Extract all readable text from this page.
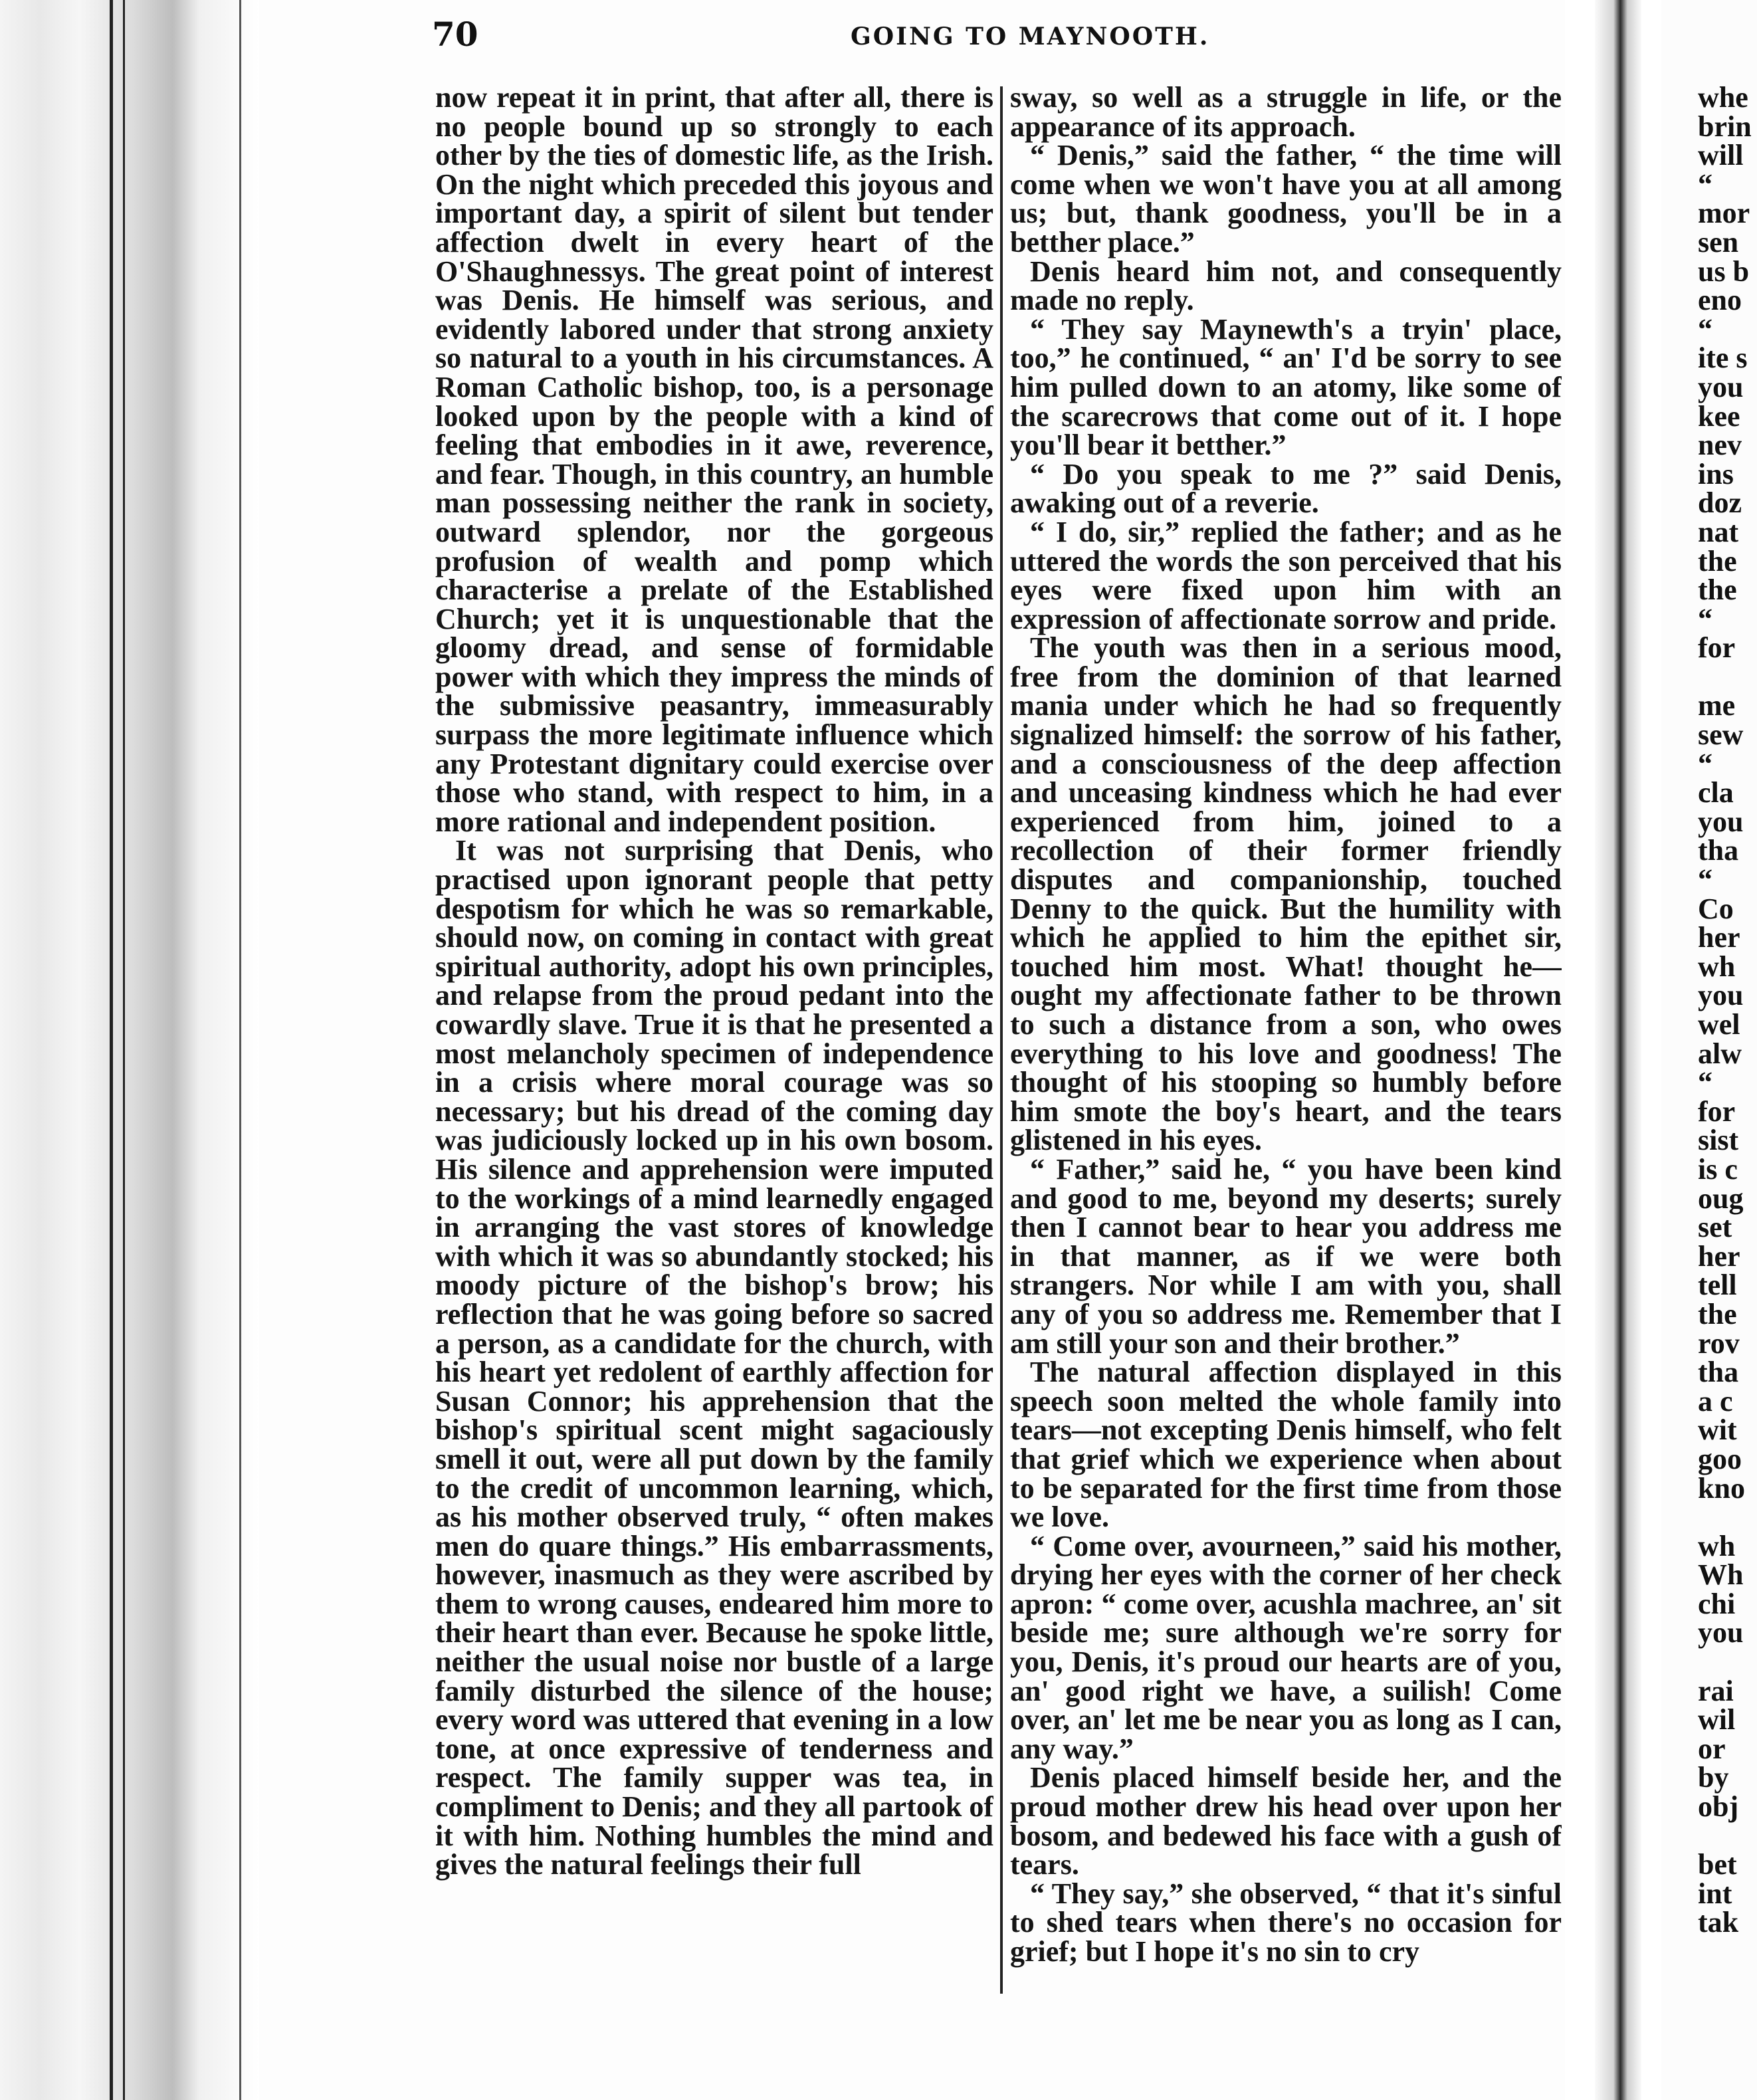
70	GOING TO MAYNOOTH.

now repeat it in print, that after all, there is no people bound up so strongly to each other by the ties of domestic life, as the Irish. On the night which preceded this joyous and important day, a spirit of silent but tender affection dwelt in every heart of the O'Shaughnessys. The great point of interest was Denis. He himself was serious, and evidently labored under that strong anxiety so natural to a youth in his circumstances. A Roman Catholic bishop, too, is a personage looked upon by the people with a kind of feeling that embodies in it awe, reverence, and fear. Though, in this country, an humble man possessing neither the rank in society, outward splendor, nor the gorgeous profusion of wealth and pomp which characterise a prelate of the Established Church; yet it is unquestionable that the gloomy dread, and sense of formidable power with which they impress the minds of the submissive peasantry, immeasurably surpass the more legitimate influence which any Protestant dignitary could exercise over those who stand, with respect to him, in a more rational and independent position.

It was not surprising that Denis, who practised upon ignorant people that petty despotism for which he was so remarkable, should now, on coming in contact with great spiritual authority, adopt his own principles, and relapse from the proud pedant into the cowardly slave. True it is that he presented a most melancholy specimen of independence in a crisis where moral courage was so necessary; but his dread of the coming day was judiciously locked up in his own bosom. His silence and apprehension were imputed to the workings of a mind learnedly engaged in arranging the vast stores of knowledge with which it was so abundantly stocked; his moody picture of the bishop's brow; his reflection that he was going before so sacred a person, as a candidate for the church, with his heart yet redolent of earthly affection for Susan Connor; his apprehension that the bishop's spiritual scent might sagaciously smell it out, were all put down by the family to the credit of uncommon learning, which, as his mother observed truly, “ often makes men do quare things.” His embarrassments, however, inasmuch as they were ascribed by them to wrong causes, endeared him more to their heart than ever. Because he spoke little, neither the usual noise nor bustle of a large family disturbed the silence of the house; every word was uttered that evening in a low tone, at once expressive of tenderness and respect. The family supper was tea, in compliment to Denis; and they all partook of it with him. Nothing humbles the mind and gives the natural feelings their full

sway, so well as a struggle in life, or the appearance of its approach.

“ Denis,” said the father, “ the time will come when we won't have you at all among us; but, thank goodness, you'll be in a betther place.”

Denis heard him not, and consequently made no reply.

“ They say Maynewth's a tryin' place, too,” he continued, “ an' I'd be sorry to see him pulled down to an atomy, like some of the scarecrows that come out of it. I hope you'll bear it betther.”

“ Do you speak to me ?” said Denis, awaking out of a reverie.

“ I do, sir,” replied the father; and as he uttered the words the son perceived that his eyes were fixed upon him with an expression of affectionate sorrow and pride.

The youth was then in a serious mood, free from the dominion of that learned mania under which he had so frequently signalized himself: the sorrow of his father, and a consciousness of the deep affection and unceasing kindness which he had ever experienced from him, joined to a recollection of their former friendly disputes and companionship, touched Denny to the quick. But the humility with which he applied to him the epithet sir, touched him most. What! thought he—ought my affectionate father to be thrown to such a distance from a son, who owes everything to his love and goodness! The thought of his stooping so humbly before him smote the boy's heart, and the tears glistened in his eyes.

“ Father,” said he, “ you have been kind and good to me, beyond my deserts; surely then I cannot bear to hear you address me in that manner, as if we were both strangers. Nor while I am with you, shall any of you so address me. Remember that I am still your son and their brother.”

The natural affection displayed in this speech soon melted the whole family into tears—not excepting Denis himself, who felt that grief which we experience when about to be separated for the first time from those we love.

“ Come over, avourneen,” said his mother, drying her eyes with the corner of her check apron: “ come over, acushla machree, an' sit beside me; sure although we're sorry for you, Denis, it's proud our hearts are of you, an' good right we have, a suilish! Come over, an' let me be near you as long as I can, any way.”

Denis placed himself beside her, and the proud mother drew his head over upon her bosom, and bedewed his face with a gush of tears.

“ They say,” she observed, “ that it's sinful to shed tears when there's no occasion for grief; but I hope it's no sin to cry

whe
brin
will
“
mor
sen
us b
eno
“
ite s
you
kee
nev
ins
doz
nat
the
the
“
for
me
sew
“
cla
you
tha
“
Co
her
wh
you
wel
alw
“
for
sist
is c
oug
set
her
tell
the
rov
tha
a c
wit
goo
kno
wh
Wh
chi
you
rai
wil
or
by
obj
bet
int
tak
